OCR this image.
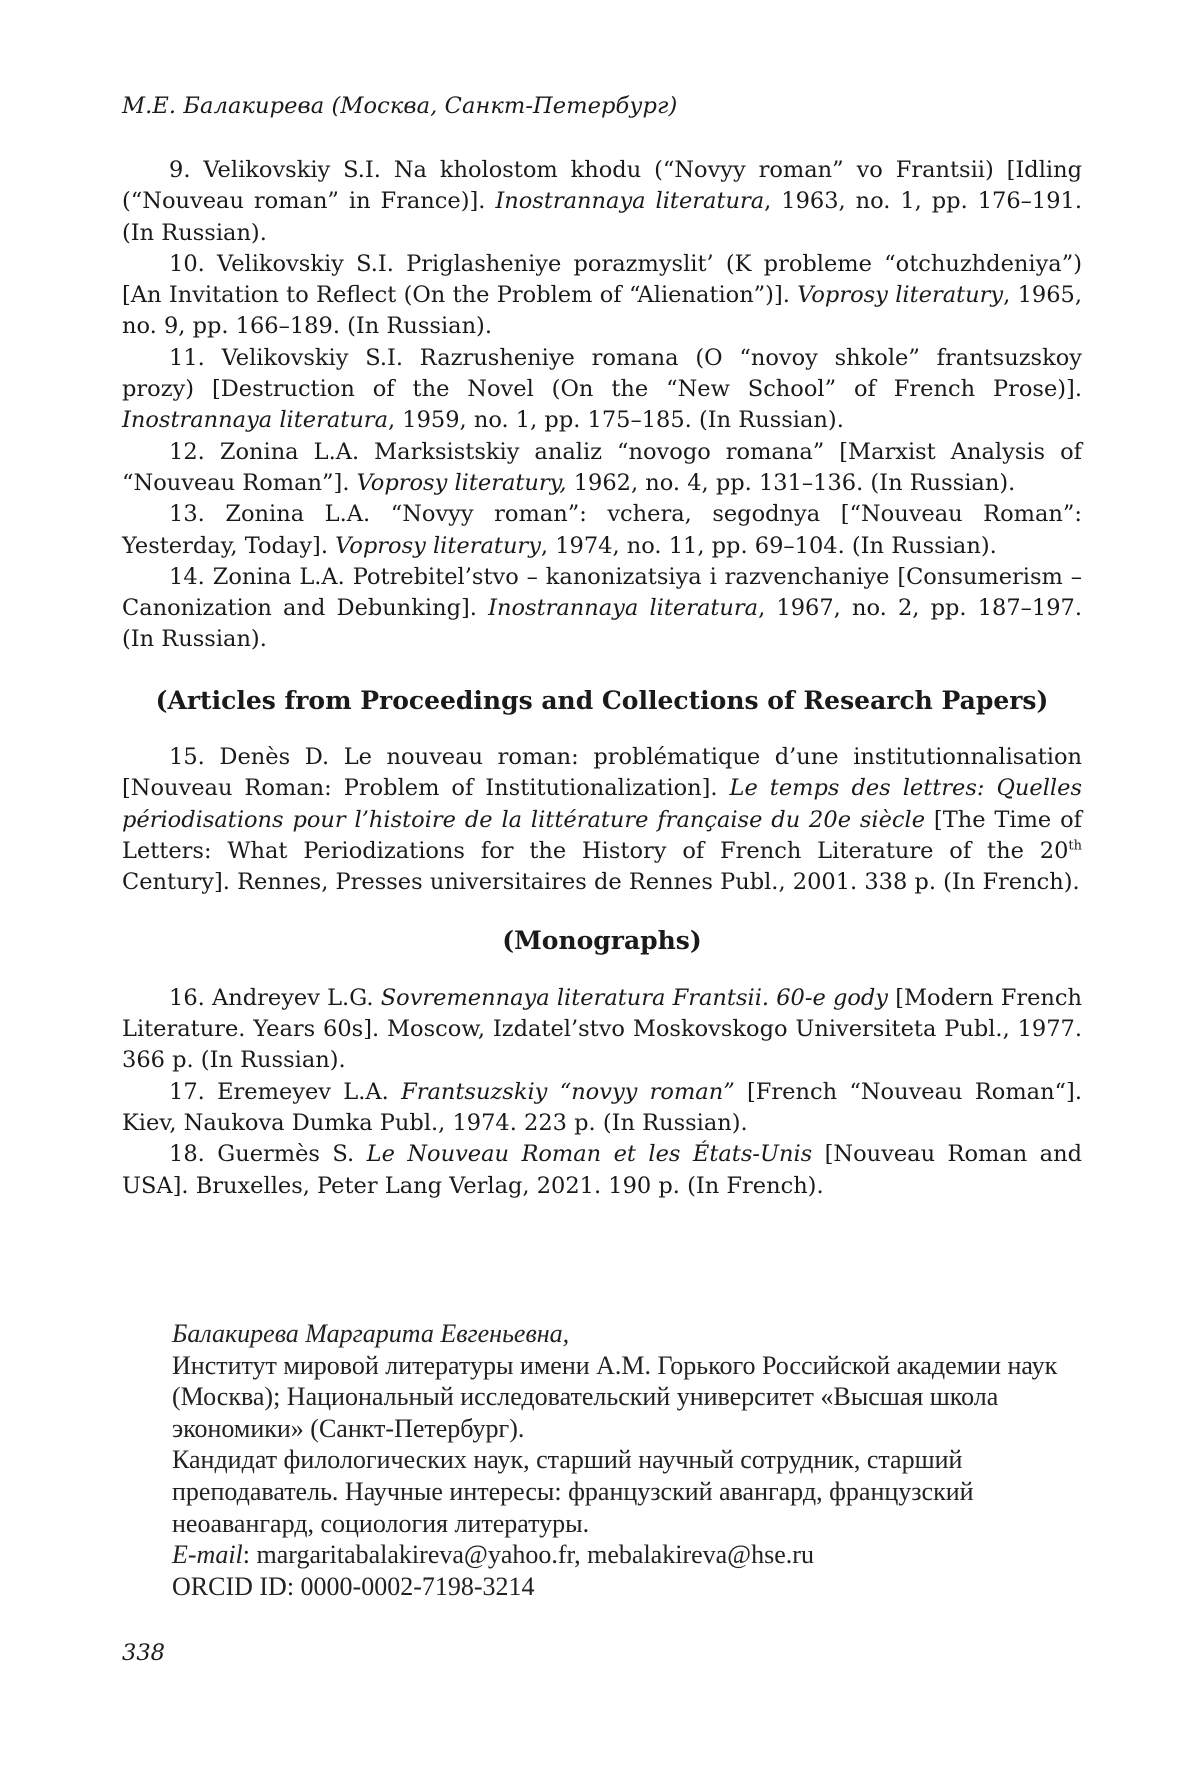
М.Е. Балакирева (Москва, Санкт-Петербург)

9. Velikovskiy S.I. Na kholostom khodu (“Novyy roman” vo Frantsii) [Idling (“Nouveau roman” in France)]. Inostrannaya literatura, 1963, no. 1, pp. 176–191. (In Russian).

10. Velikovskiy S.I. Priglasheniye porazmyslit’ (K probleme “otchuzhdeniya”) [An Invitation to Reflect (On the Problem of “Alienation”)]. Voprosy literatury, 1965, no. 9, pp. 166–189. (In Russian).

11. Velikovskiy S.I. Razrusheniye romana (O “novoy shkole” frantsuzskoy prozy) [Destruction of the Novel (On the “New School” of French Prose)]. Inostrannaya literatura, 1959, no. 1, pp. 175–185. (In Russian).

12. Zonina L.A. Marksistskiy analiz “novogo romana” [Marxist Analysis of “Nouveau Roman”]. Voprosy literatury, 1962, no. 4, pp. 131–136. (In Russian).

13. Zonina L.A. “Novyy roman”: vchera, segodnya [“Nouveau Roman”: Yesterday, Today]. Voprosy literatury, 1974, no. 11, pp. 69–104. (In Russian).

14. Zonina L.A. Potrebitel’stvo – kanonizatsiya i razvenchaniye [Consumerism – Canonization and Debunking]. Inostrannaya literatura, 1967, no. 2, pp. 187–197. (In Russian).

(Articles from Proceedings and Collections of Research Papers)

15. Denès D. Le nouveau roman: problématique d’une institutionnalisation [Nouveau Roman: Problem of Institutionalization]. Le temps des lettres: Quelles périodisations pour l’histoire de la littérature française du 20e siècle [The Time of Letters: What Periodizations for the History of French Literature of the 20th Century]. Rennes, Presses universitaires de Rennes Publ., 2001. 338 p. (In French).

(Monographs)

16. Andreyev L.G. Sovremennaya literatura Frantsii. 60-e gody [Modern French Literature. Years 60s]. Moscow, Izdatel’stvo Moskovskogo Universiteta Publ., 1977. 366 p. (In Russian).

17. Eremeyev L.A. Frantsuzskiy “novyy roman” [French “Nouveau Roman“]. Kiev, Naukova Dumka Publ., 1974. 223 p. (In Russian).

18. Guermès S. Le Nouveau Roman et les États-Unis [Nouveau Roman and USA]. Bruxelles, Peter Lang Verlag, 2021. 190 p. (In French).

Балакирева Маргарита Евгеньевна,

Институт мировой литературы имени А.М. Горького Российской академии наук (Москва); Национальный исследовательский университет «Высшая школа экономики» (Санкт-Петербург).

Кандидат филологических наук, старший научный сотрудник, старший преподаватель. Научные интересы: французский авангард, французский неоавангард, социология литературы.

E-mail: margaritabalakireva@yahoo.fr, mebalakireva@hse.ru

ORCID ID: 0000-0002-7198-3214

338
